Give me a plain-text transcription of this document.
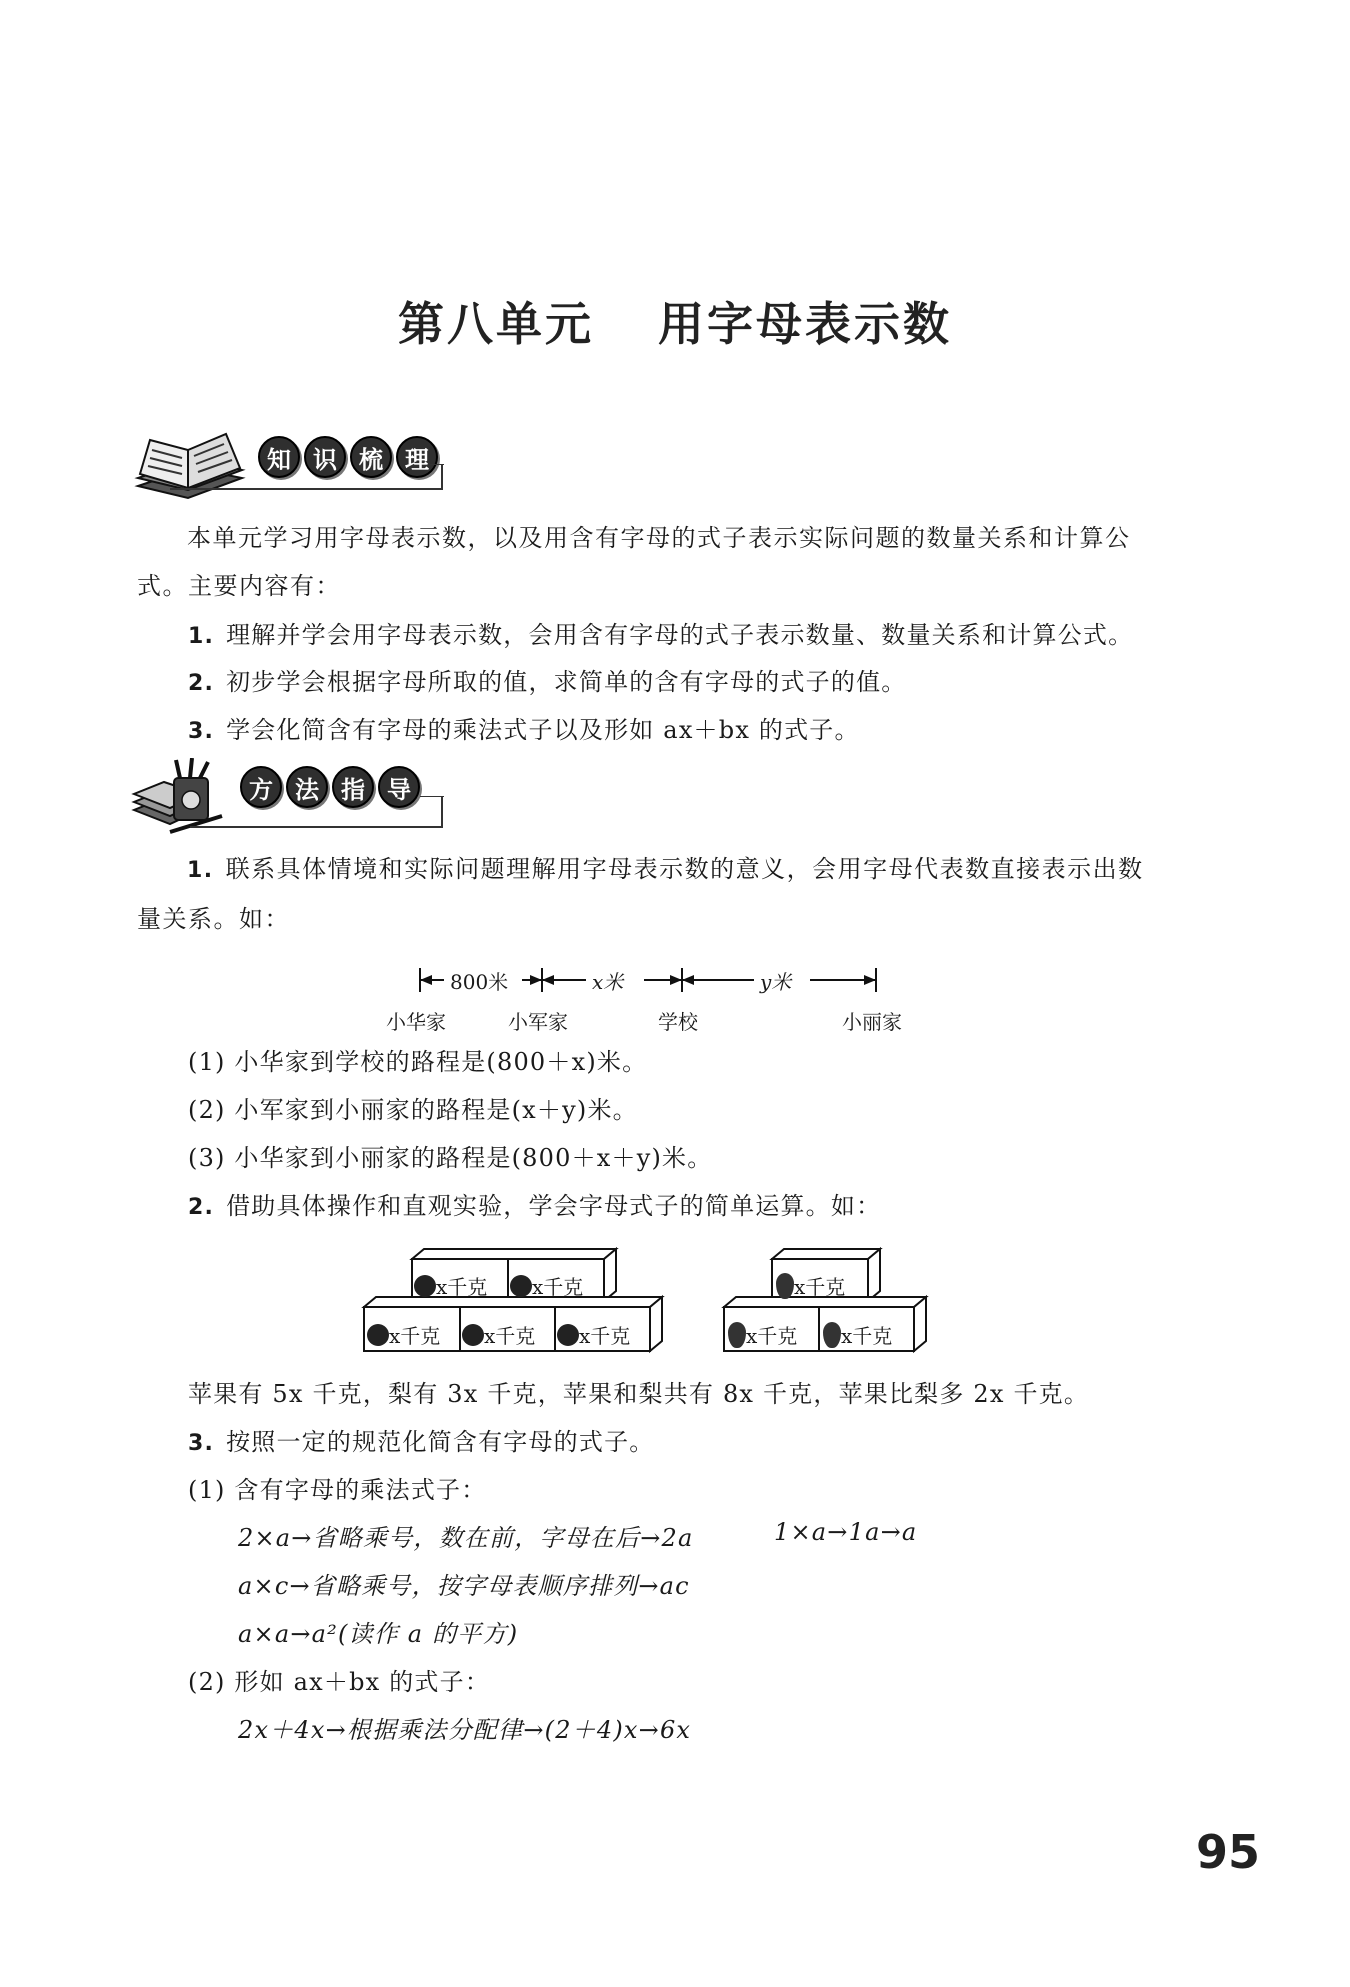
第八单元 用字母表示数
知 识 梳 理
本单元学习用字母表示数，以及用含有字母的式子表示实际问题的数量关系和计算公式。主要内容有：
1. 理解并学会用字母表示数，会用含有字母的式子表示数量、数量关系和计算公式。
2. 初步学会根据字母所取的值，求简单的含有字母的式子的值。
3. 学会化简含有字母的乘法式子以及形如 ax＋bx 的式子。
方 法 指 导
1. 联系具体情境和实际问题理解用字母表示数的意义，会用字母代表数直接表示出数量关系。如：
800米	x米	y米
小华家	小军家	学校	小丽家
(1) 小华家到学校的路程是(800＋x)米。
(2) 小军家到小丽家的路程是(x＋y)米。
(3) 小华家到小丽家的路程是(800＋x＋y)米。
2. 借助具体操作和直观实验，学会字母式子的简单运算。如：
x千克 x千克
x千克 x千克 x千克
x千克
x千克 x千克
苹果有 5x 千克，梨有 3x 千克，苹果和梨共有 8x 千克，苹果比梨多 2x 千克。
3. 按照一定的规范化简含有字母的式子。
(1) 含有字母的乘法式子：
2×a→省略乘号，数在前，字母在后→2a	1×a→1a→a
a×c→省略乘号，按字母表顺序排列→ac
a×a→a²(读作 a 的平方)
(2) 形如 ax＋bx 的式子：
2x＋4x→根据乘法分配律→(2＋4)x→6x
95
